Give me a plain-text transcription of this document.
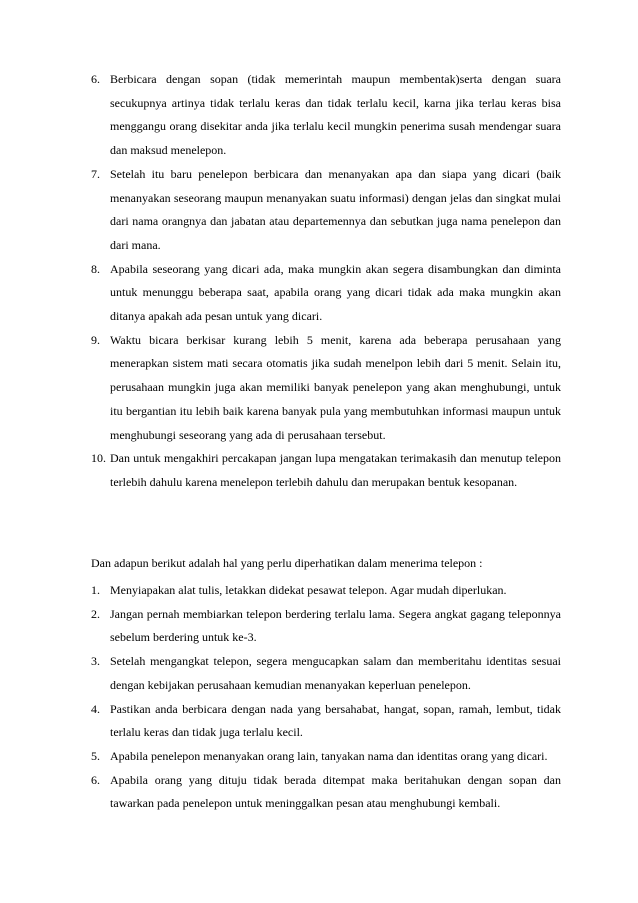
6. Berbicara dengan sopan (tidak memerintah maupun membentak)serta dengan suara secukupnya artinya tidak terlalu keras dan tidak terlalu kecil, karna jika terlau keras bisa menggangu orang disekitar anda jika terlalu kecil mungkin penerima susah mendengar suara dan maksud menelepon.
7. Setelah itu baru penelepon berbicara dan menanyakan apa dan siapa yang dicari (baik menanyakan seseorang maupun menanyakan suatu informasi) dengan jelas dan singkat mulai dari nama orangnya dan jabatan atau departemennya dan sebutkan juga nama penelepon dan dari mana.
8. Apabila seseorang yang dicari ada, maka mungkin akan segera disambungkan dan diminta untuk menunggu beberapa saat, apabila orang yang dicari tidak ada maka mungkin akan ditanya apakah ada pesan untuk yang dicari.
9. Waktu bicara berkisar kurang lebih 5 menit, karena ada beberapa perusahaan yang menerapkan sistem mati secara otomatis jika sudah menelpon lebih dari 5 menit. Selain itu, perusahaan mungkin juga akan memiliki banyak penelepon yang akan menghubungi, untuk itu bergantian itu lebih baik karena banyak pula yang membutuhkan informasi maupun untuk menghubungi seseorang yang ada di perusahaan tersebut.
10. Dan untuk mengakhiri percakapan jangan lupa mengatakan terimakasih dan menutup telepon terlebih dahulu karena menelepon terlebih dahulu dan merupakan bentuk kesopanan.

Dan adapun berikut adalah hal yang perlu diperhatikan dalam menerima telepon :

1. Menyiapakan alat tulis, letakkan didekat pesawat telepon. Agar mudah diperlukan.
2. Jangan pernah membiarkan telepon berdering terlalu lama. Segera angkat gagang teleponnya sebelum berdering untuk ke-3.
3. Setelah mengangkat telepon, segera mengucapkan salam dan memberitahu identitas sesuai dengan kebijakan perusahaan kemudian menanyakan keperluan penelepon.
4. Pastikan anda berbicara dengan nada yang bersahabat, hangat, sopan, ramah, lembut, tidak terlalu keras dan tidak juga terlalu kecil.
5. Apabila penelepon menanyakan orang lain, tanyakan nama dan identitas orang yang dicari.
6. Apabila orang yang dituju tidak berada ditempat maka beritahukan dengan sopan dan tawarkan pada penelepon untuk meninggalkan pesan atau menghubungi kembali.
